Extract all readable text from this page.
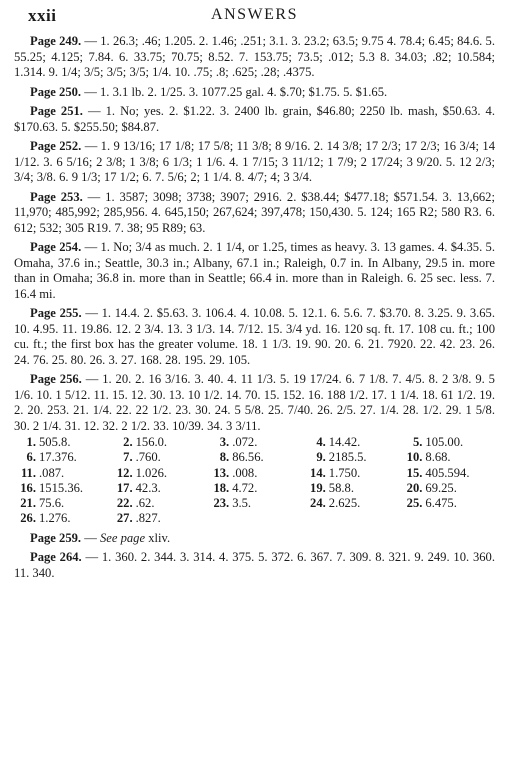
xxii	ANSWERS
Page 249. — 1. 26.3; .46; 1.205. 2. 1.46; .251; 3.1. 3. 23.2; 63.5; 9.75 4. 78.4; 6.45; 84.6. 5. 55.25; 4.125; 7.84. 6. 33.75; 70.75; 8.52. 7. 153.75; 73.5; .012; 5.3 8. 34.03; .82; 10.584; 1.314. 9. 1/4; 3/5; 3/5; 3/5; 1/4. 10. .75; .8; .625; .28; .4375.
Page 250. — 1. 3.1 lb. 2. 1/25. 3. 1077.25 gal. 4. $.70; $1.75. 5. $1.65.
Page 251. — 1. No; yes. 2. $1.22. 3. 2400 lb. grain, $46.80; 2250 lb. mash, $50.63. 4. $170.63. 5. $255.50; $84.87.
Page 252. — 1. 9 13/16; 17 1/8; 17 5/8; 11 3/8; 8 9/16. 2. 14 3/8; 17 2/3; 17 2/3; 16 3/4; 14 1/12. 3. 6 5/16; 2 3/8; 1 3/8; 6 1/3; 1 1/6. 4. 1 7/15; 3 11/12; 1 7/9; 2 17/24; 3 9/20. 5. 12 2/3; 3/4; 3/8. 6. 9 1/3; 17 1/2; 6. 7. 5/6; 2; 1 1/4. 8. 4/7; 4; 3 3/4.
Page 253. — 1. 3587; 3098; 3738; 3907; 2916. 2. $38.44; $477.18; $571.54. 3. 13,662; 11,970; 485,992; 285,956. 4. 645,150; 267,624; 397,478; 150,430. 5. 124; 165 R2; 580 R3. 6. 612; 532; 305 R19. 7. 38; 95 R89; 63.
Page 254. — 1. No; 3/4 as much. 2. 1 1/4, or 1.25, times as heavy. 3. 13 games. 4. $4.35. 5. Omaha, 37.6 in.; Seattle, 30.3 in.; Albany, 67.1 in.; Raleigh, 0.7 in. In Albany, 29.5 in. more than in Omaha; 36.8 in. more than in Seattle; 66.4 in. more than in Raleigh. 6. 25 sec. less. 7. 16.4 mi.
Page 255. — 1. 14.4. 2. $5.63. 3. 106.4. 4. 10.08. 5. 12.1. 6. 5.6. 7. $3.70. 8. 3.25. 9. 3.65. 10. 4.95. 11. 19.86. 12. 2 3/4. 13. 3 1/3. 14. 7/12. 15. 3/4 yd. 16. 120 sq. ft. 17. 108 cu. ft.; 100 cu. ft.; the first box has the greater volume. 18. 1 1/3. 19. 90. 20. 6. 21. 7920. 22. 42. 23. 26. 24. 76. 25. 80. 26. 3. 27. 168. 28. 195. 29. 105.
Page 256. — 1. 20. 2. 16 3/16. 3. 40. 4. 11 1/3. 5. 19 17/24. 6. 7 1/8. 7. 4/5. 8. 2 3/8. 9. 5 1/6. 10. 1 5/12. 11. 15. 12. 30. 13. 10 1/2. 14. 70. 15. 152. 16. 188 1/2. 17. 1 1/4. 18. 61 1/2. 19. 2. 20. 253. 21. 1/4. 22. 22 1/2. 23. 30. 24. 5 5/8. 25. 7/40. 26. 2/5. 27. 1/4. 28. 1/2. 29. 1 5/8. 30. 2 1/4. 31. 12. 32. 2 1/2. 33. 10/39. 34. 3 3/11.
1. 505.8.	2. 156.0.	3. .072.	4. 14.42.	5. 105.00.
6. 17.376.	7. .760.	8. 86.56.	9. 2185.5.	10. 8.68.
11. .087.	12. 1.026.	13. .008.	14. 1.750.	15. 405.594.
16. 1515.36.	17. 42.3.	18. 4.72.	19. 58.8.	20. 69.25.
21. 75.6.	22. .62.	23. 3.5.	24. 2.625.	25. 6.475.
26. 1.276.	27. .827.
Page 259. — See page xliv.
Page 264. — 1. 360. 2. 344. 3. 314. 4. 375. 5. 372. 6. 367. 7. 309. 8. 321. 9. 249. 10. 360. 11. 340.
